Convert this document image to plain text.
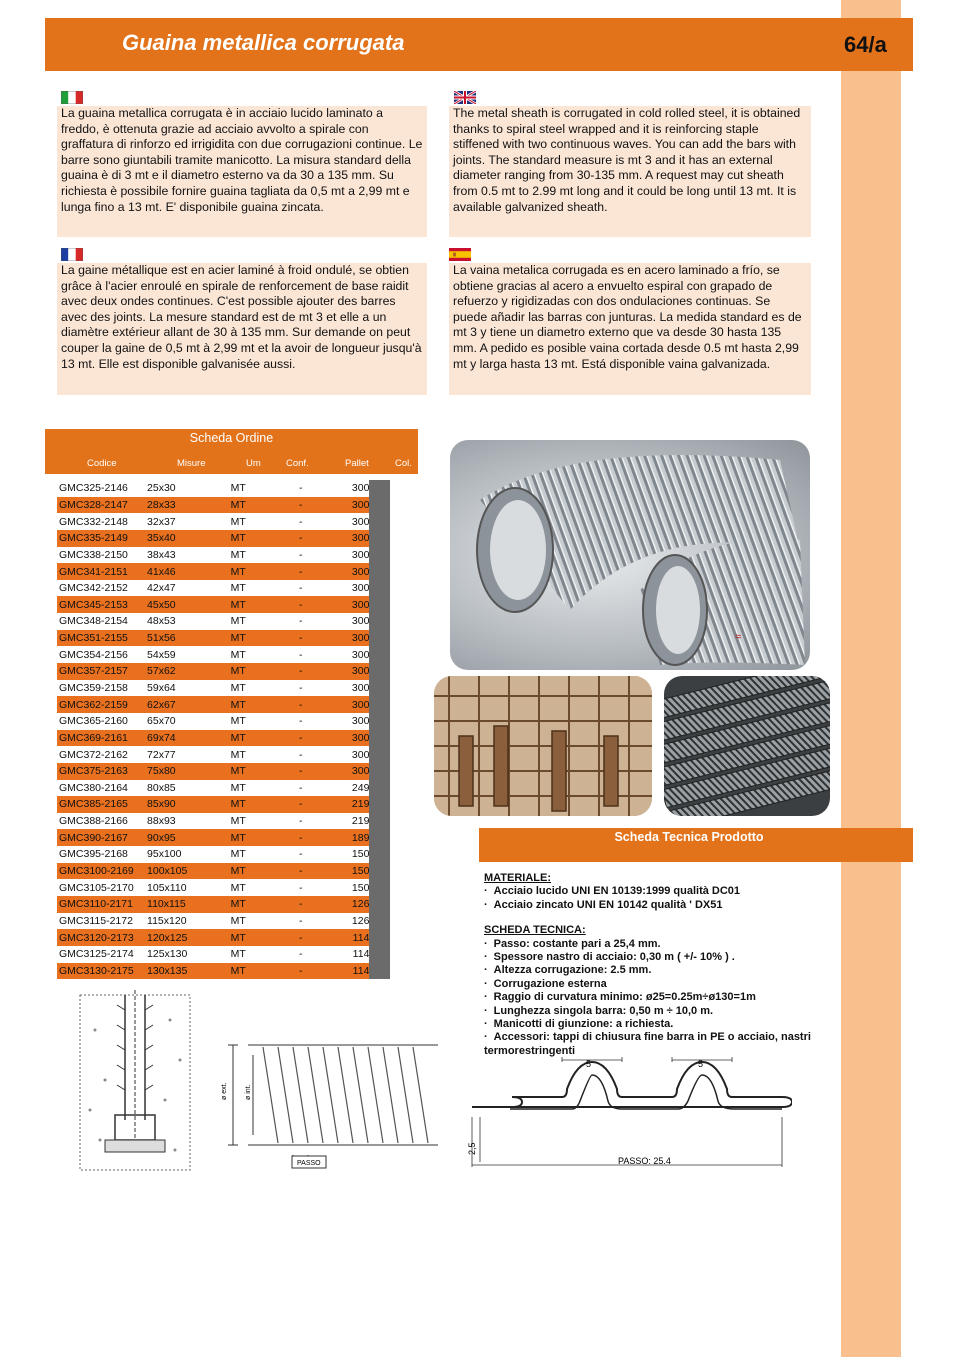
Guaina metallica corrugata	64/a

La guaina metallica corrugata è in acciaio lucido laminato a freddo, è ottenuta grazie ad acciaio avvolto a spirale con graffatura di rinforzo ed irrigidita con due corrugazioni continue. Le barre sono giuntabili tramite manicotto. La misura standard della guaina è di 3 mt e il diametro esterno va da 30 a 135 mm. Su richiesta è possibile fornire guaina tagliata da 0,5 mt a 2,99 mt e lunga fino a 13 mt. E' disponibile guaina zincata.

The metal sheath is corrugated in cold rolled steel, it is obtained thanks to spiral steel wrapped and it is reinforcing staple stiffened with two continuous waves. You can add the bars with joints. The standard measure is mt 3 and it has an external diameter ranging from 30-135 mm. A request may cut sheath from 0.5 mt to 2.99 mt long and it could be long until 13 mt. It is available galvanized sheath.

La gaine métallique est en acier laminé à froid ondulé, se obtien grâce à l'acier enroulé en spirale de renforcement de base raidit avec deux ondes continues. C'est possible ajouter des barres avec des joints. La mesure standard est de mt 3 et elle a un diamètre extérieur allant de 30 à 135 mm. Sur demande on peut couper la gaine de 0,5 mt à 2,99 mt et la avoir de longueur jusqu'à 13 mt. Elle est disponible galvanisée aussi.

La vaina metalica corrugada es en acero laminado a frío, se obtiene gracias al acero a envuelto espiral con grapado de refuerzo y rigidizadas con dos ondulaciones continuas. Se puede añadir las barras con junturas. La medida standard es de mt 3 y tiene un diametro externo que va desde 30 hasta 135 mm. A pedido es posible vaina cortada desde 0.5 mt hasta 2,99 mt y larga hasta 13 mt. Está disponible vaina galvanizada.

Scheda Ordine
Codice	Misure	Um	Conf.	Pallet	Col.
GMC325-2146	25x30	MT	-	300	
GMC328-2147	28x33	MT	-	300	
GMC332-2148	32x37	MT	-	300	
GMC335-2149	35x40	MT	-	300	
GMC338-2150	38x43	MT	-	300	
GMC341-2151	41x46	MT	-	300	
GMC342-2152	42x47	MT	-	300	
GMC345-2153	45x50	MT	-	300	
GMC348-2154	48x53	MT	-	300	
GMC351-2155	51x56	MT	-	300	
GMC354-2156	54x59	MT	-	300	
GMC357-2157	57x62	MT	-	300	
GMC359-2158	59x64	MT	-	300	
GMC362-2159	62x67	MT	-	300	
GMC365-2160	65x70	MT	-	300	
GMC369-2161	69x74	MT	-	300	
GMC372-2162	72x77	MT	-	300	
GMC375-2163	75x80	MT	-	300	
GMC380-2164	80x85	MT	-	249	
GMC385-2165	85x90	MT	-	219	
GMC388-2166	88x93	MT	-	219	
GMC390-2167	90x95	MT	-	189	
GMC395-2168	95x100	MT	-	150	
GMC3100-2169	100x105	MT	-	150	
GMC3105-2170	105x110	MT	-	150	
GMC3110-2171	110x115	MT	-	126	
GMC3115-2172	115x120	MT	-	126	
GMC3120-2173	120x125	MT	-	114	
GMC3125-2174	125x130	MT	-	114	
GMC3130-2175	130x135	MT	-	114	
≈
Scheda Tecnica Prodotto
MATERIALE:
· Acciaio lucido UNI EN 10139:1999 qualità DC01
· Acciaio zincato UNI EN 10142 qualità ' DX51
SCHEDA TECNICA:
· Passo: costante pari a 25,4 mm.
· Spessore nastro di acciaio: 0,30 m ( +/- 10% ) .
· Altezza corrugazione: 2.5 mm.
· Corrugazione esterna
· Raggio di curvatura minimo: ø25=0.25m÷ø130=1m
· Lunghezza singola barra: 0,50 m ÷ 10,0 m.
· Manicotti di giunzione: a richiesta.
· Accessori: tappi di chiusura fine barra in PE o acciaio, nastri termorestringenti
ø ext. ø int.
PASSO
5	5
2,5
PASSO: 25.4
